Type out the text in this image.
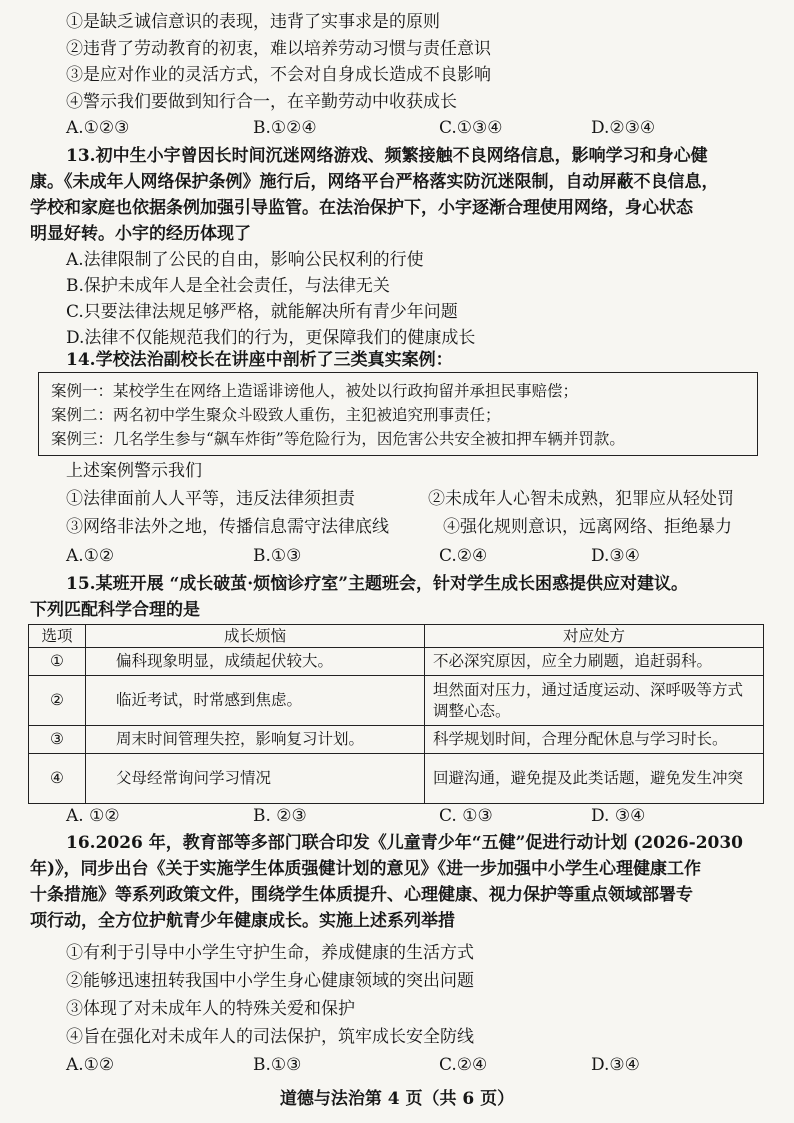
①是缺乏诚信意识的表现，违背了实事求是的原则
②违背了劳动教育的初衷，难以培养劳动习惯与责任意识
③是应对作业的灵活方式，不会对自身成长造成不良影响
④警示我们要做到知行合一，在辛勤劳动中收获成长
A.①②③	B.①②④	C.①③④	D.②③④
13.初中生小宇曾因长时间沉迷网络游戏、频繁接触不良网络信息，影响学习和身心健
康。《未成年人网络保护条例》施行后，网络平台严格落实防沉迷限制，自动屏蔽不良信息，
学校和家庭也依据条例加强引导监管。在法治保护下，小宇逐渐合理使用网络，身心状态
明显好转。小宇的经历体现了
A.法律限制了公民的自由，影响公民权利的行使
B.保护未成年人是全社会责任，与法律无关
C.只要法律法规足够严格，就能解决所有青少年问题
D.法律不仅能规范我们的行为，更保障我们的健康成长
14.学校法治副校长在讲座中剖析了三类真实案例：
案例一：某校学生在网络上造谣诽谤他人，被处以行政拘留并承担民事赔偿；
案例二：两名初中学生聚众斗殴致人重伤，主犯被追究刑事责任；
案例三：几名学生参与“飙车炸街”等危险行为，因危害公共安全被扣押车辆并罚款。
上述案例警示我们
①法律面前人人平等，违反法律须担责	②未成年人心智未成熟，犯罪应从轻处罚
③网络非法外之地，传播信息需守法律底线	④强化规则意识，远离网络、拒绝暴力
A.①②	B.①③	C.②④	D.③④
15.某班开展 “成长破茧·烦恼诊疗室”主题班会，针对学生成长困惑提供应对建议。
下列匹配科学合理的是
选项	成长烦恼	对应处方
①	偏科现象明显，成绩起伏较大。	不必深究原因，应全力刷题，追赶弱科。
②	临近考试，时常感到焦虑。	坦然面对压力，通过适度运动、深呼吸等方式调整心态。
③	周末时间管理失控，影响复习计划。	科学规划时间，合理分配休息与学习时长。
④	父母经常询问学习情况	回避沟通，避免提及此类话题，避免发生冲突
A. ①②	B. ②③	C. ①③	D. ③④
16.2026 年，教育部等多部门联合印发《儿童青少年“五健”促进行动计划 (2026-2030
年)》，同步出台《关于实施学生体质强健计划的意见》《进一步加强中小学生心理健康工作
十条措施》等系列政策文件，围绕学生体质提升、心理健康、视力保护等重点领域部署专
项行动，全方位护航青少年健康成长。实施上述系列举措
①有利于引导中小学生守护生命，养成健康的生活方式
②能够迅速扭转我国中小学生身心健康领域的突出问题
③体现了对未成年人的特殊关爱和保护
④旨在强化对未成年人的司法保护，筑牢成长安全防线
A.①②	B.①③	C.②④	D.③④
道德与法治第 4 页（共 6 页）
